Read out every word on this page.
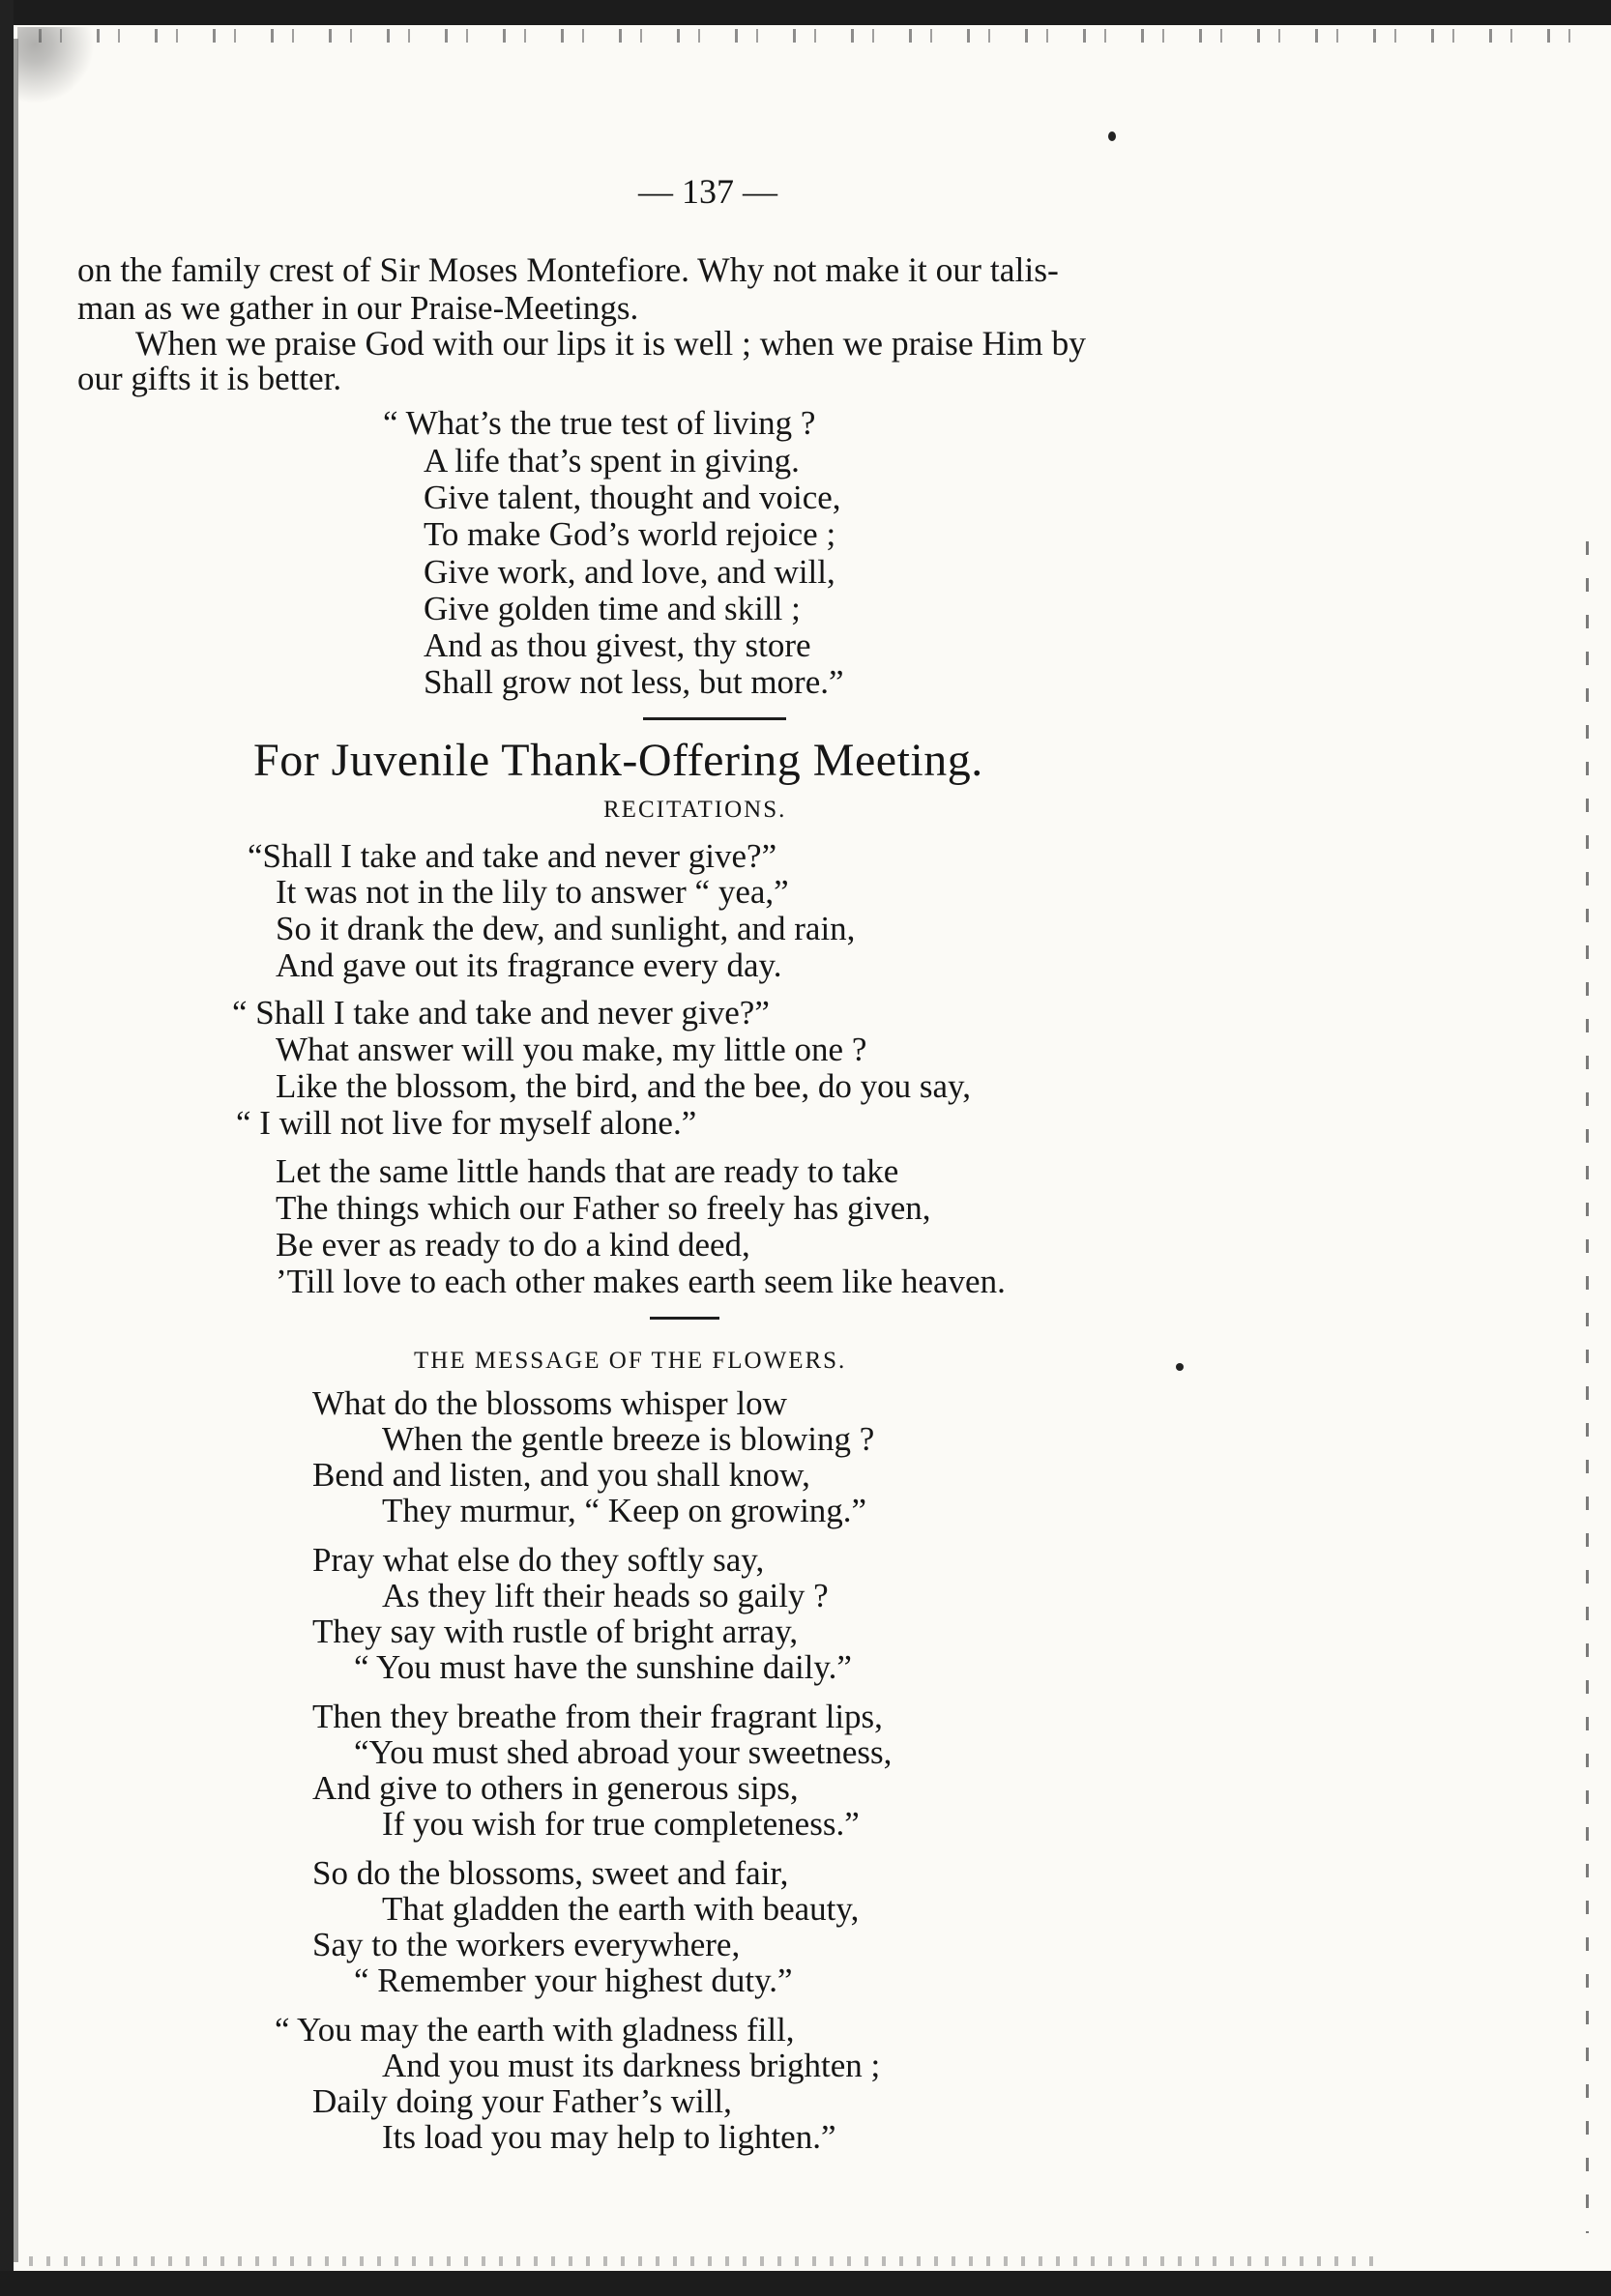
— 137 —
on the family crest of Sir Moses Montefiore. Why not make it our talis-
man as we gather in our Praise-Meetings.
When we praise God with our lips it is well ; when we praise Him by
our gifts it is better.
“ What’s the true test of living ?
A life that’s spent in giving.
Give talent, thought and voice,
To make God’s world rejoice ;
Give work, and love, and will,
Give golden time and skill ;
And as thou givest, thy store
Shall grow not less, but more.”
For Juvenile Thank-Offering Meeting.
RECITATIONS.
“Shall I take and take and never give?”
It was not in the lily to answer “ yea,”
So it drank the dew, and sunlight, and rain,
And gave out its fragrance every day.
“ Shall I take and take and never give?”
What answer will you make, my little one ?
Like the blossom, the bird, and the bee, do you say,
“ I will not live for myself alone.”
Let the same little hands that are ready to take
The things which our Father so freely has given,
Be ever as ready to do a kind deed,
’Till love to each other makes earth seem like heaven.
THE MESSAGE OF THE FLOWERS.
What do the blossoms whisper low
When the gentle breeze is blowing ?
Bend and listen, and you shall know,
They murmur, “ Keep on growing.”
Pray what else do they softly say,
As they lift their heads so gaily ?
They say with rustle of bright array,
“ You must have the sunshine daily.”
Then they breathe from their fragrant lips,
“You must shed abroad your sweetness,
And give to others in generous sips,
If you wish for true completeness.”
So do the blossoms, sweet and fair,
That gladden the earth with beauty,
Say to the workers everywhere,
“ Remember your highest duty.”
“ You may the earth with gladness fill,
And you must its darkness brighten ;
Daily doing your Father’s will,
Its load you may help to lighten.”
